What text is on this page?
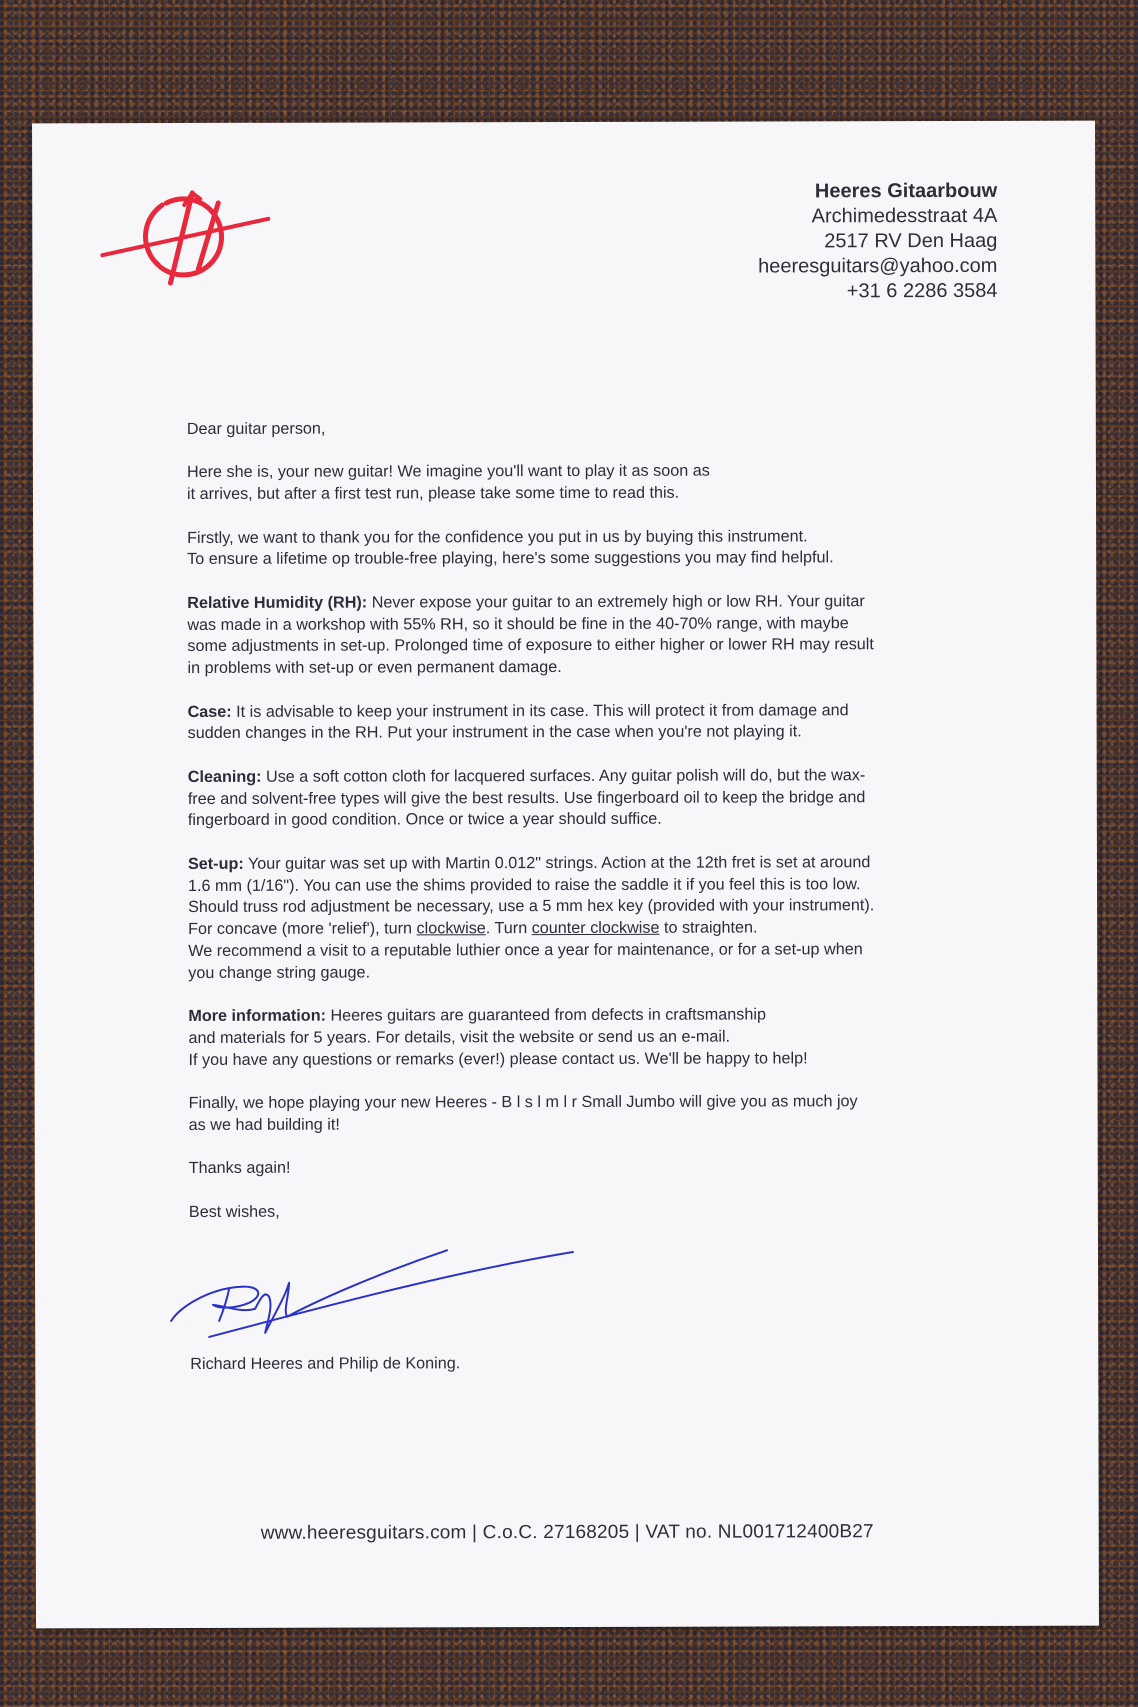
Heeres Gitaarbouw
Archimedesstraat 4A
2517 RV Den Haag
heeresguitars@yahoo.com
+31 6 2286 3584

Dear guitar person,

Here she is, your new guitar! We imagine you'll want to play it as soon as
it arrives, but after a first test run, please take some time to read this.

Firstly, we want to thank you for the confidence you put in us by buying this instrument.
To ensure a lifetime op trouble-free playing, here's some suggestions you may find helpful.

Relative Humidity (RH): Never expose your guitar to an extremely high or low RH. Your guitar
was made in a workshop with 55% RH, so it should be fine in the 40-70% range, with maybe
some adjustments in set-up. Prolonged time of exposure to either higher or lower RH may result
in problems with set-up or even permanent damage.

Case: It is advisable to keep your instrument in its case. This will protect it from damage and
sudden changes in the RH. Put your instrument in the case when you're not playing it.

Cleaning: Use a soft cotton cloth for lacquered surfaces. Any guitar polish will do, but the wax-
free and solvent-free types will give the best results. Use fingerboard oil to keep the bridge and
fingerboard in good condition. Once or twice a year should suffice.

Set-up: Your guitar was set up with Martin 0.012" strings. Action at the 12th fret is set at around
1.6 mm (1/16"). You can use the shims provided to raise the saddle it if you feel this is too low.
Should truss rod adjustment be necessary, use a 5 mm hex key (provided with your instrument).
For concave (more 'relief'), turn clockwise. Turn counter clockwise to straighten.
We recommend a visit to a reputable luthier once a year for maintenance, or for a set-up when
you change string gauge.

More information: Heeres guitars are guaranteed from defects in craftsmanship
and materials for 5 years. For details, visit the website or send us an e-mail.
If you have any questions or remarks (ever!) please contact us. We'll be happy to help!

Finally, we hope playing your new Heeres - B l s l m l r Small Jumbo will give you as much joy
as we had building it!

Thanks again!

Best wishes,

Richard Heeres and Philip de Koning.
www.heeresguitars.com | C.o.C. 27168205 | VAT no. NL001712400B27
